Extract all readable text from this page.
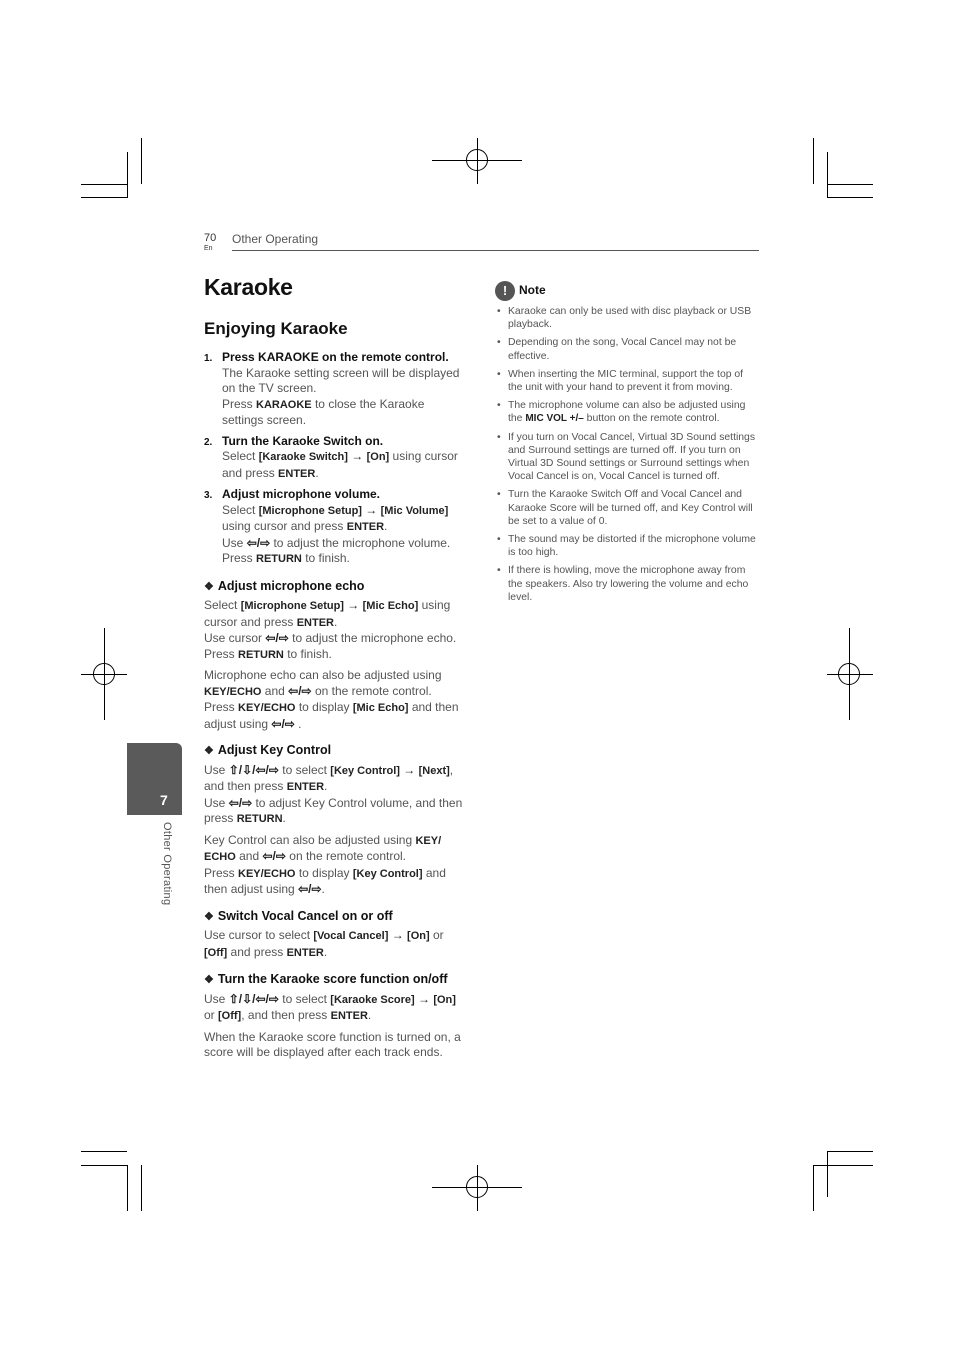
70
En
Other Operating
Karaoke
Enjoying Karaoke
1. Press KARAOKE on the remote control.

The Karaoke setting screen will be displayed on the TV screen.

Press KARAOKE to close the Karaoke settings screen.

2. Turn the Karaoke Switch on.

Select [Karaoke Switch] → [On] using cursor and press ENTER.

3. Adjust microphone volume.

Select [Microphone Setup] → [Mic Volume] using cursor and press ENTER.

Use ⇦/⇨ to adjust the microphone volume.

Press RETURN to finish.

❖ Adjust microphone echo

Select [Microphone Setup] → [Mic Echo] using cursor and press ENTER.
Use cursor ⇦/⇨ to adjust the microphone echo.
Press RETURN to finish.

Microphone echo can also be adjusted using KEY/ECHO and ⇦/⇨ on the remote control.
Press KEY/ECHO to display [Mic Echo] and then adjust using ⇦/⇨ .

❖ Adjust Key Control

Use ⇧/⇩/⇦/⇨ to select [Key Control] → [Next], and then press ENTER.
Use ⇦/⇨ to adjust Key Control volume, and then press RETURN.

Key Control can also be adjusted using KEY/ ECHO and ⇦/⇨ on the remote control.
Press KEY/ECHO to display [Key Control] and then adjust using ⇦/⇨.

❖ Switch Vocal Cancel on or off

Use cursor to select [Vocal Cancel] → [On] or [Off] and press ENTER.

❖ Turn the Karaoke score function on/off

Use ⇧/⇩/⇦/⇨ to select [Karaoke Score] → [On] or [Off], and then press ENTER.

When the Karaoke score function is turned on, a score will be displayed after each track ends.

! Note
• Karaoke can only be used with disc playback or USB playback.
• Depending on the song, Vocal Cancel may not be effective.
• When inserting the MIC terminal, support the top of the unit with your hand to prevent it from moving.
• The microphone volume can also be adjusted using the MIC VOL +/– button on the remote control.
• If you turn on Vocal Cancel, Virtual 3D Sound settings and Surround settings are turned off. If you turn on Virtual 3D Sound settings or Surround settings when Vocal Cancel is on, Vocal Cancel is turned off.
• Turn the Karaoke Switch Off and Vocal Cancel and Karaoke Score will be turned off, and Key Control will be set to a value of 0.
• The sound may be distorted if the microphone volume is too high.
• If there is howling, move the microphone away from the speakers. Also try lowering the volume and echo level.
7
Other Operating
